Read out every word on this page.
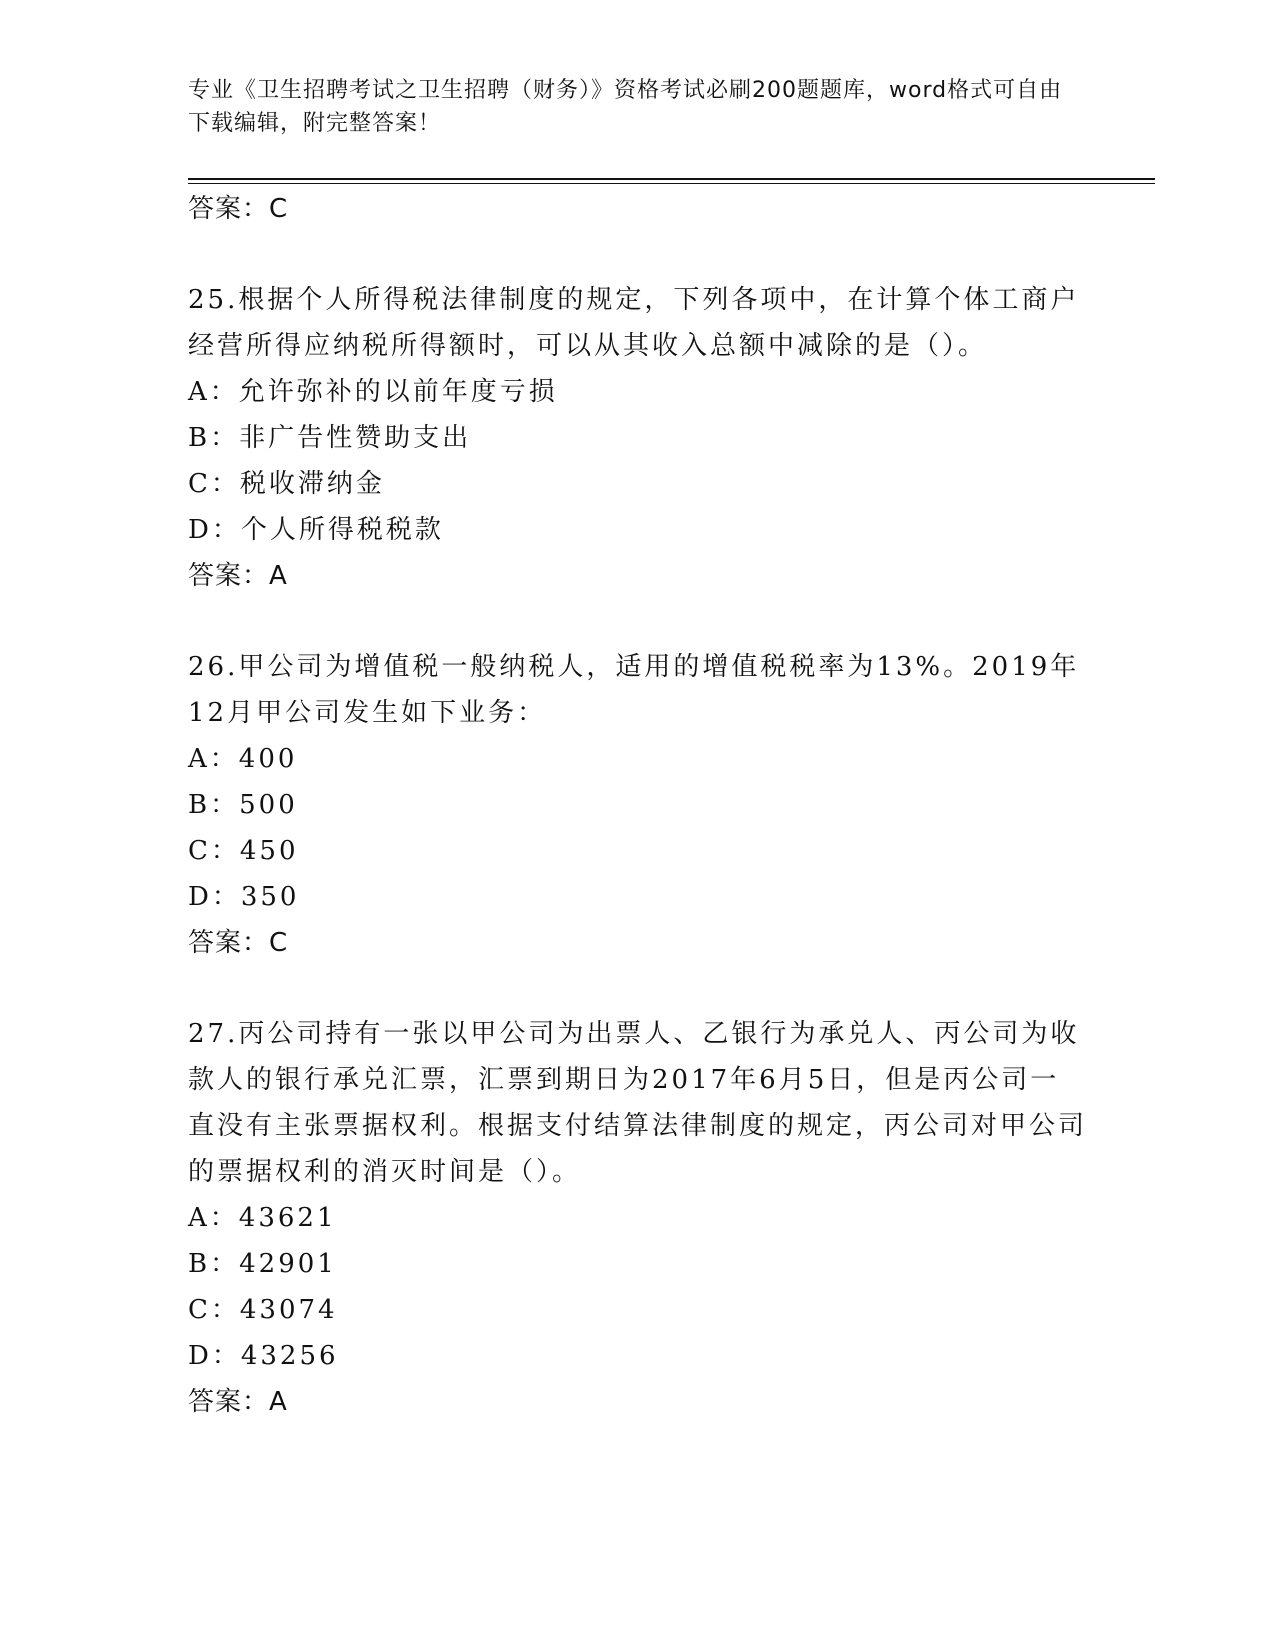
专业《卫生招聘考试之卫生招聘（财务）》资格考试必刷200题题库，word格式可自由下载编辑，附完整答案！
答案：C

25.根据个人所得税法律制度的规定，下列各项中，在计算个体工商户经营所得应纳税所得额时，可以从其收入总额中减除的是（）。

A：允许弥补的以前年度亏损
B：非广告性赞助支出
C：税收滞纳金
D：个人所得税税款
答案：A

26.甲公司为增值税一般纳税人，适用的增值税税率为13%。2019年12月甲公司发生如下业务：

A：400
B：500
C：450
D：350
答案：C

27.丙公司持有一张以甲公司为出票人、乙银行为承兑人、丙公司为收款人的银行承兑汇票，汇票到期日为2017年6月5日，但是丙公司一直没有主张票据权利。根据支付结算法律制度的规定，丙公司对甲公司的票据权利的消灭时间是（）。

A：43621
B：42901
C：43074
D：43256
答案：A
